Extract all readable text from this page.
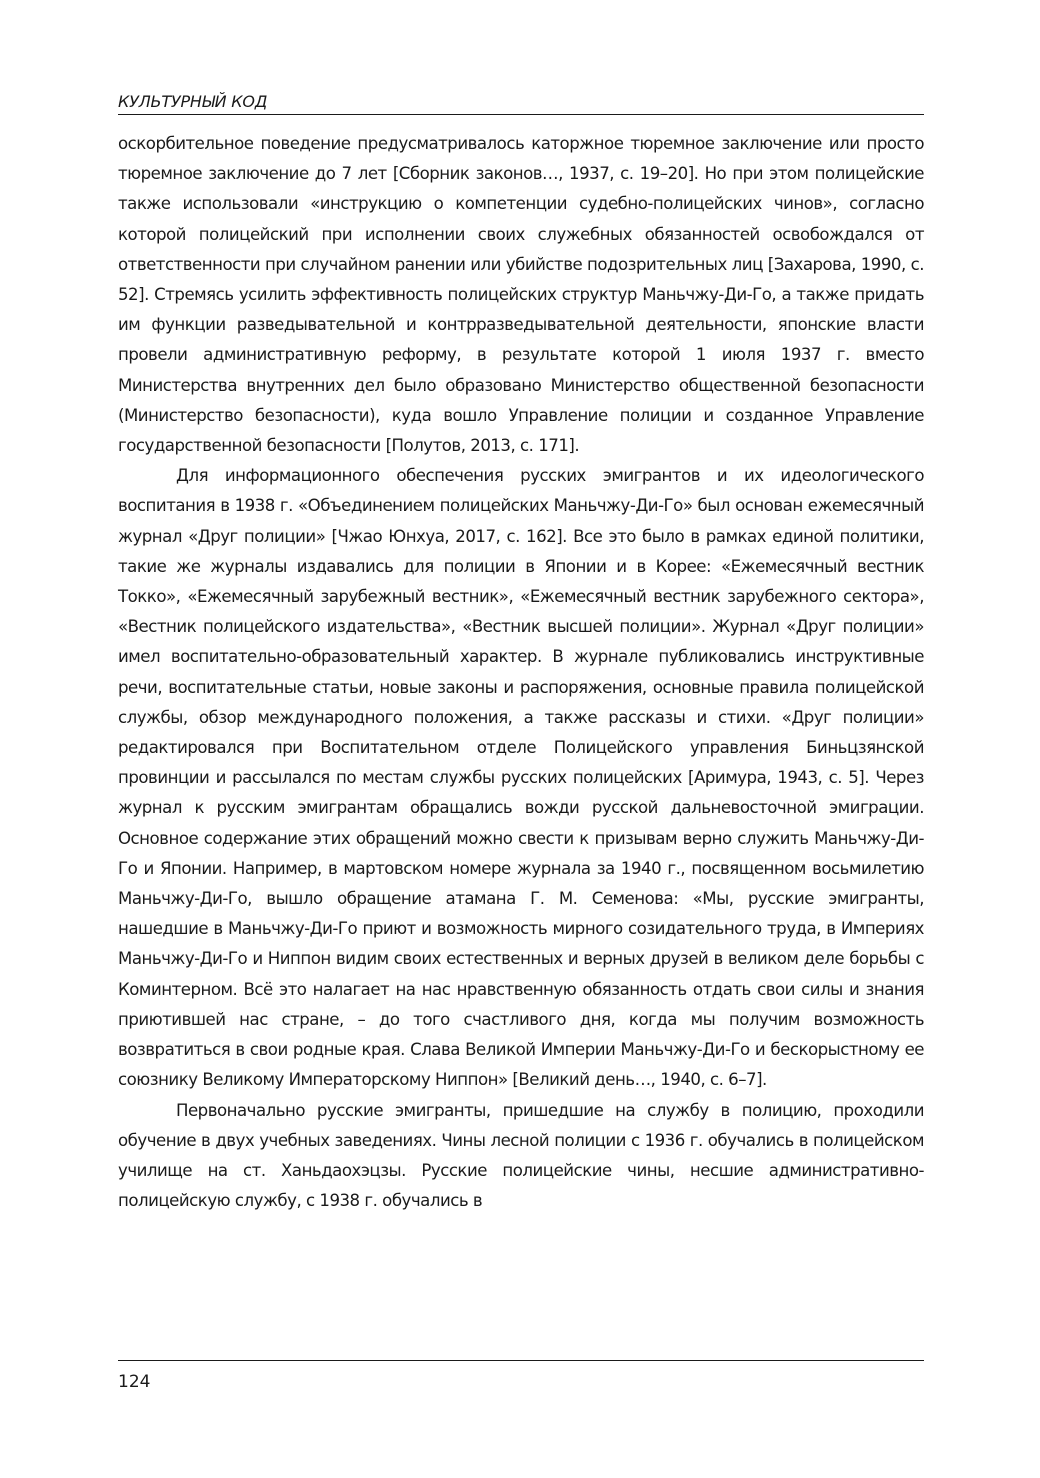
КУЛЬТУРНЫЙ КОД

оскорбительное поведение предусматривалось каторжное тюремное заключение или просто тюремное заключение до 7 лет [Сборник законов…, 1937, с. 19–20]. Но при этом полицейские также использовали «инструкцию о компетенции судебно-полицейских чинов», согласно которой полицейский при исполнении своих служебных обязанностей освобождался от ответственности при случайном ранении или убийстве подозрительных лиц [Захарова, 1990, с. 52]. Стремясь усилить эффективность полицейских структур Маньчжу-Ди-Го, а также придать им функции разведывательной и контрразведывательной деятельности, японские власти провели административную реформу, в результате которой 1 июля 1937 г. вместо Министерства внутренних дел было образовано Министерство общественной безопасности (Министерство безопасности), куда вошло Управление полиции и созданное Управление государственной безопасности [Полутов, 2013, с. 171].

Для информационного обеспечения русских эмигрантов и их идеологического воспитания в 1938 г. «Объединением полицейских Маньчжу-Ди-Го» был основан ежемесячный журнал «Друг полиции» [Чжао Юнхуа, 2017, с. 162]. Все это было в рамках единой политики, такие же журналы издавались для полиции в Японии и в Корее: «Ежемесячный вестник Токко», «Ежемесячный зарубежный вестник», «Ежемесячный вестник зарубежного сектора», «Вестник полицейского издательства», «Вестник высшей полиции». Журнал «Друг полиции» имел воспитательно-образовательный характер. В журнале публиковались инструктивные речи, воспитательные статьи, новые законы и распоряжения, основные правила полицейской службы, обзор международного положения, а также рассказы и стихи. «Друг полиции» редактировался при Воспитательном отделе Полицейского управления Биньцзянской провинции и рассылался по местам службы русских полицейских [Аримура, 1943, с. 5]. Через журнал к русским эмигрантам обращались вожди русской дальневосточной эмиграции. Основное содержание этих обращений можно свести к призывам верно служить Маньчжу-Ди-Го и Японии. Например, в мартовском номере журнала за 1940 г., посвященном восьмилетию Маньчжу-Ди-Го, вышло обращение атамана Г. М. Семенова: «Мы, русские эмигранты, нашедшие в Маньчжу-Ди-Го приют и возможность мирного созидательного труда, в Империях Маньчжу-Ди-Го и Ниппон видим своих естественных и верных друзей в великом деле борьбы с Коминтерном. Всё это налагает на нас нравственную обязанность отдать свои силы и знания приютившей нас стране, – до того счастливого дня, когда мы получим возможность возвратиться в свои родные края. Слава Великой Империи Маньчжу-Ди-Го и бескорыстному ее союзнику Великому Императорскому Ниппон» [Великий день…, 1940, с. 6–7].

Первоначально русские эмигранты, пришедшие на службу в полицию, проходили обучение в двух учебных заведениях. Чины лесной полиции с 1936 г. обучались в полицейском училище на ст. Ханьдаохэцзы. Русские полицейские чины, несшие административно-полицейскую службу, с 1938 г. обучались в

124
